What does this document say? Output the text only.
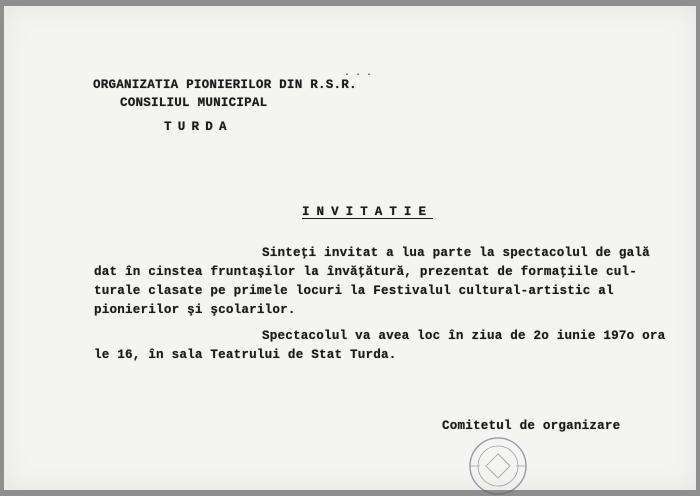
...
ORGANIZATIA PIONIERILOR DIN R.S.R.
CONSILIUL MUNICIPAL
TURDA
INVITATIE
Sinteţi invitat a lua parte la spectacolul de gală
dat în cinstea fruntaşilor la învăţătură, prezentat de formaţiile cul-
turale clasate pe primele locuri la Festivalul cultural-artistic al
pionierilor şi şcolarilor.
Spectacolul va avea loc în ziua de 2o iunie 197o ora
le 16, în sala Teatrului de Stat Turda.
Comitetul de organizare
